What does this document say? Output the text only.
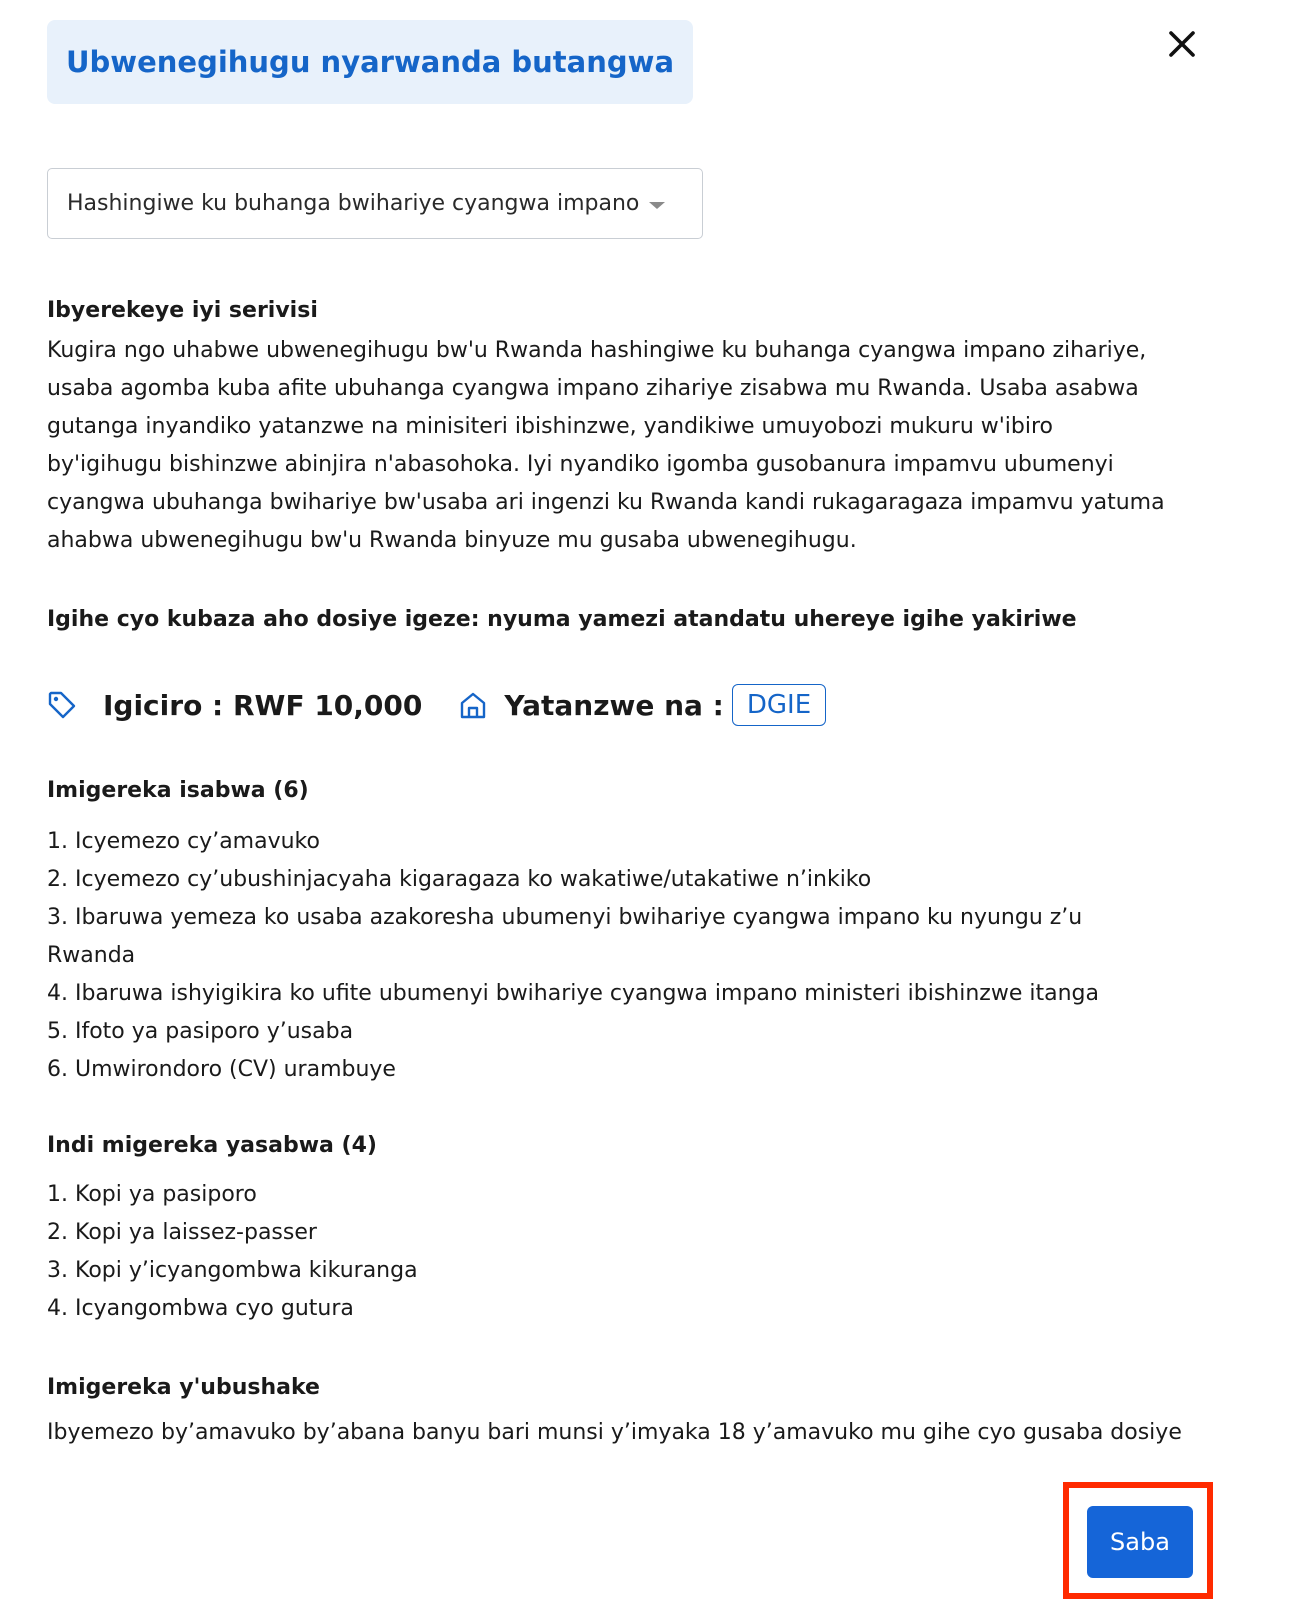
Ubwenegihugu nyarwanda butangwa
Hashingiwe ku buhanga bwihariye cyangwa impano
Ibyerekeye iyi serivisi
Kugira ngo uhabwe ubwenegihugu bw'u Rwanda hashingiwe ku buhanga cyangwa impano zihariye,
usaba agomba kuba afite ubuhanga cyangwa impano zihariye zisabwa mu Rwanda. Usaba asabwa
gutanga inyandiko yatanzwe na minisiteri ibishinzwe, yandikiwe umuyobozi mukuru w'ibiro
by'igihugu bishinzwe abinjira n'abasohoka. Iyi nyandiko igomba gusobanura impamvu ubumenyi
cyangwa ubuhanga bwihariye bw'usaba ari ingenzi ku Rwanda kandi rukagaragaza impamvu yatuma
ahabwa ubwenegihugu bw'u Rwanda binyuze mu gusaba ubwenegihugu.
Igihe cyo kubaza aho dosiye igeze: nyuma yamezi atandatu uhereye igihe yakiriwe
Igiciro : RWF 10,000	Yatanzwe na : DGIE
Imigereka isabwa (6)
1. Icyemezo cy’amavuko
2. Icyemezo cy’ubushinjacyaha kigaragaza ko wakatiwe/utakatiwe n’inkiko
3. Ibaruwa yemeza ko usaba azakoresha ubumenyi bwihariye cyangwa impano ku nyungu z’u Rwanda
4. Ibaruwa ishyigikira ko ufite ubumenyi bwihariye cyangwa impano ministeri ibishinzwe itanga
5. Ifoto ya pasiporo y’usaba
6. Umwirondoro (CV) urambuye
Indi migereka yasabwa (4)
1. Kopi ya pasiporo
2. Kopi ya laissez-passer
3. Kopi y’icyangombwa kikuranga
4. Icyangombwa cyo gutura
Imigereka y'ubushake
Ibyemezo by’amavuko by’abana banyu bari munsi y’imyaka 18 y’amavuko mu gihe cyo gusaba dosiye
Saba
